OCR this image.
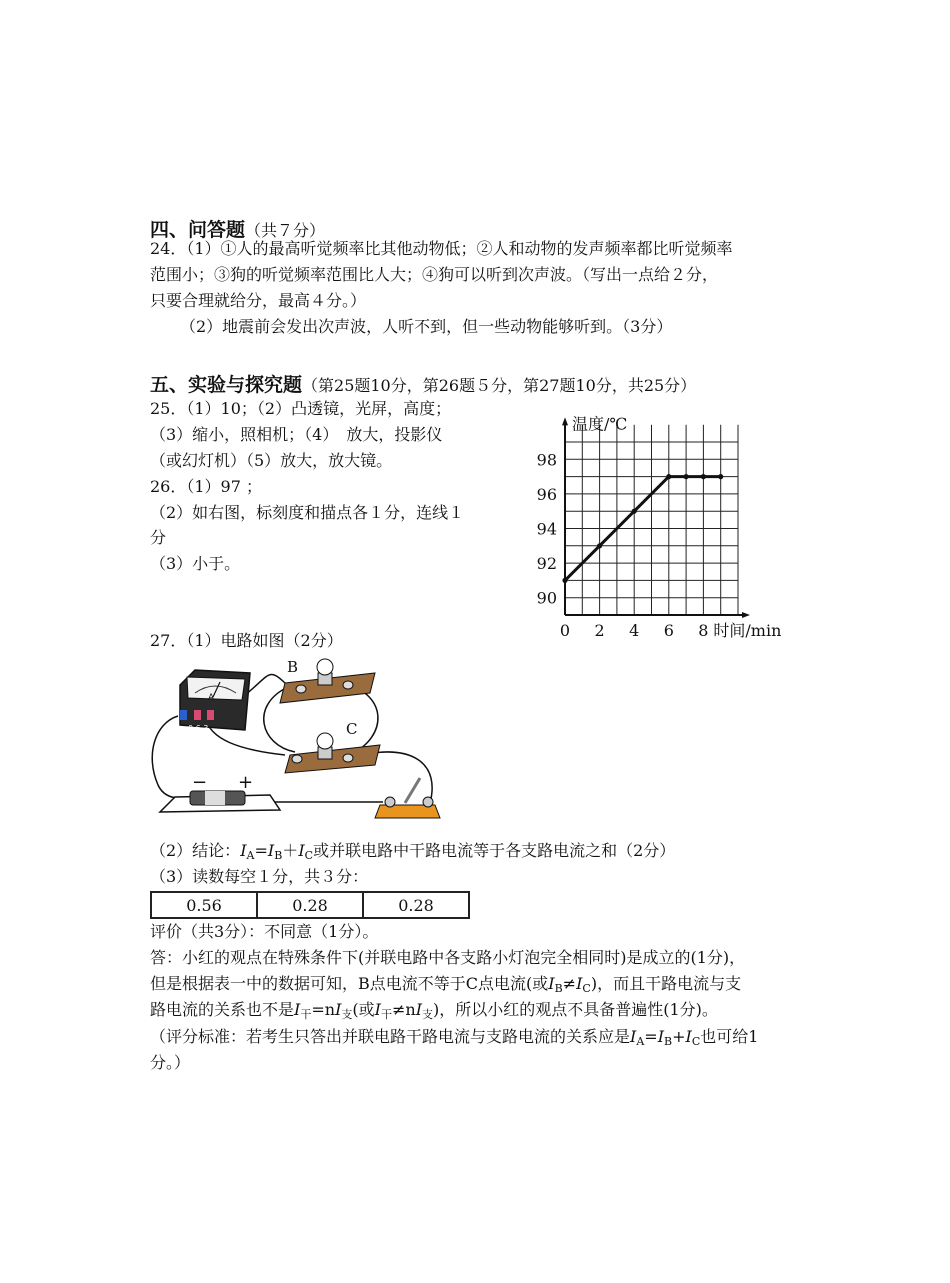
四、问答题（共７分）
24．（1）①人的最高听觉频率比其他动物低；②人和动物的发声频率都比听觉频率
范围小；③狗的听觉频率范围比人大；④狗可以听到次声波。（写出一点给２分，
只要合理就给分，最高４分。）
（2）地震前会发出次声波，人听不到，但一些动物能够听到。（3分）
五、实验与探究题（第25题10分，第26题５分，第27题10分，共25分）
25．（1）10；（2）凸透镜，光屏，高度；
（3）缩小，照相机；（4）　放大，投影仪
（或幻灯机）（5）放大，放大镜。
26．（1）97 ；
（2）如右图，标刻度和描点各１分，连线１
分
（3）小于。
温度/℃
时间/min
90
92
94
96
98
0 2 4 6 8
27．（1）电路如图（2分）
A
0.6 3
B
C
− +
（2）结论：$I_A=I_B+I_C$或并联电路中干路电流等于各支路电流之和（2分）
（3）读数每空１分，共３分：
0.56	0.28	0.28
评价（共3分）：不同意（1分）。
答：小红的观点在特殊条件下(并联电路中各支路小灯泡完全相同时)是成立的(1分)，
但是根据表一中的数据可知，B点电流不等于C点电流(或$I_B\ne I_C$)，而且干路电流与支
路电流的关系也不是$I_干=nI_支$(或$I_干\ne nI_支$)，所以小红的观点不具备普遍性(1分)。
（评分标准：若考生只答出并联电路干路电流与支路电流的关系应是$I_A=I_B+I_C$也可给1
分。）
